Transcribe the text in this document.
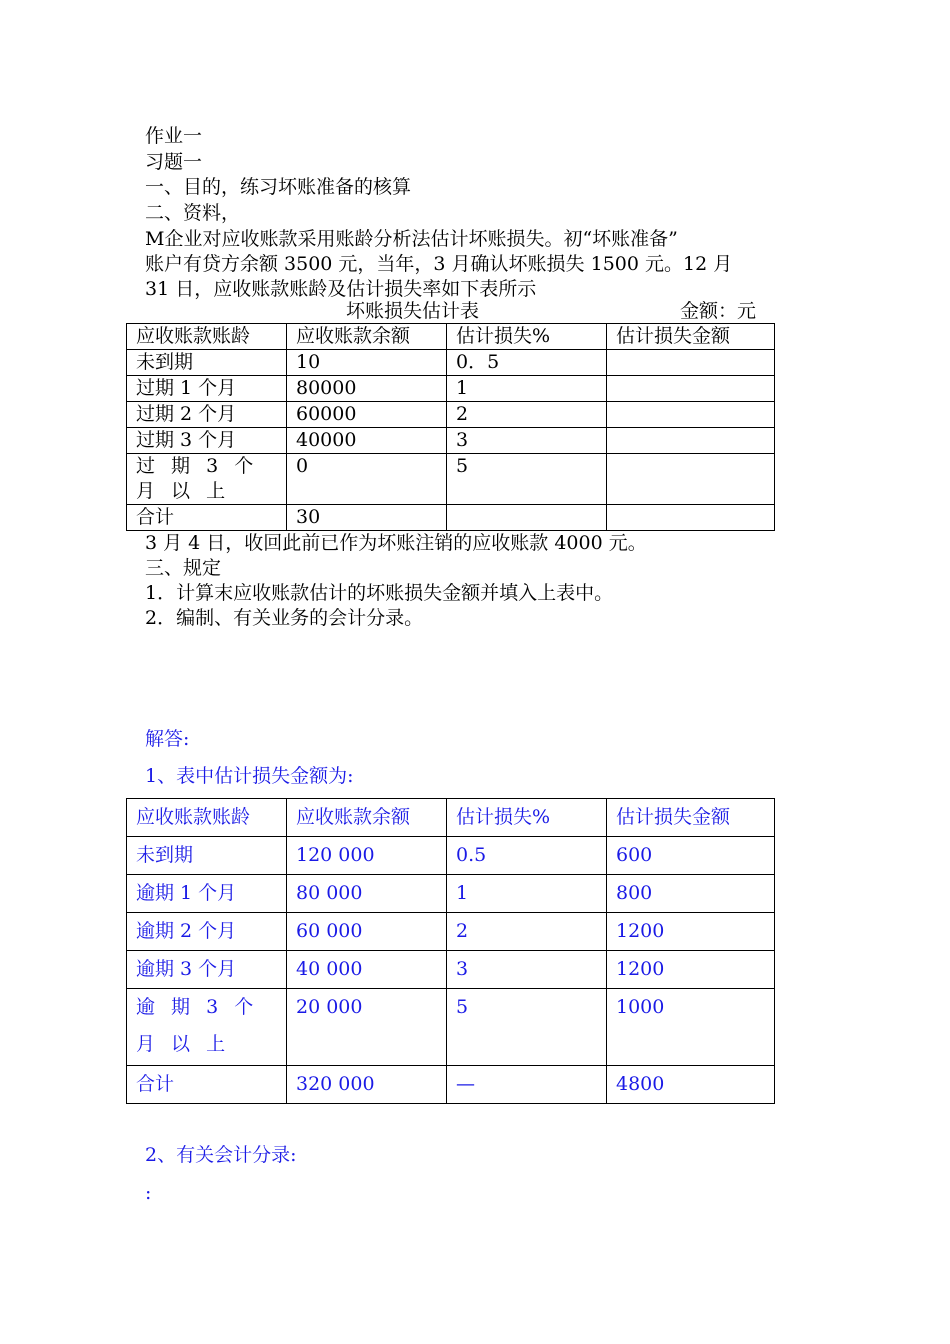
作业一
习题一
一、目的，练习坏账准备的核算
二、资料，
M企业对应收账款采用账龄分析法估计坏账损失。初“坏账准备”
账户有贷方余额 3500 元，当年，3 月确认坏账损失 1500 元。12 月
31 日，应收账款账龄及估计损失率如下表所示
坏账损失估计表	金额：元
应收账款账龄	应收账款余额	估计损失%	估计损失金额
未到期	10	0．5	
过期 1 个月	80000	1	
过期 2 个月	60000	2	
过期 3 个月	40000	3	
过 期 3 个 月 以 上	0	5	
合计	30		
3 月 4 日，收回此前已作为坏账注销的应收账款 4000 元。
三、规定
1．计算末应收账款估计的坏账损失金额并填入上表中。
2．编制、有关业务的会计分录。
解答:
1、表中估计损失金额为:
应收账款账龄	应收账款余额	估计损失%	估计损失金额
未到期	120 000	0.5	600
逾期 1 个月	80 000	1	800
逾期 2 个月	60 000	2	1200
逾期 3 个月	40 000	3	1200
逾 期 3 个 月 以 上	20 000	5	1000
合计	320 000	—	4800
2、有关会计分录:
:
